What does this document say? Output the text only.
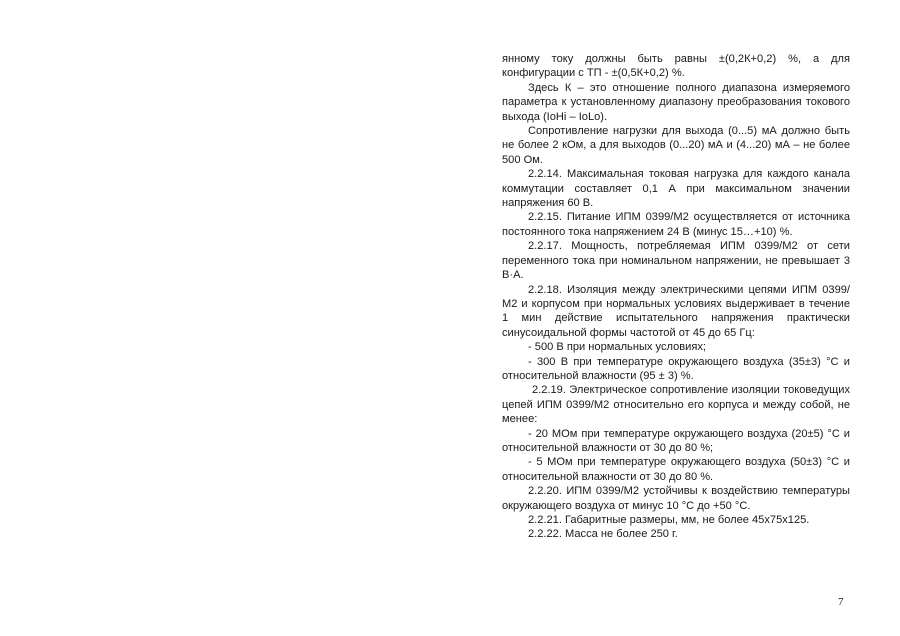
янному току должны быть равны ±(0,2К+0,2) %, а для конфигурации с ТП - ±(0,5К+0,2) %.

Здесь К – это отношение полного диапазона измеряемого параметра к установленному диапазону преобразования токового выхода (IoHi – IoLo).

Сопротивление нагрузки для выхода (0...5) мА должно быть не более 2 кОм, а для выходов (0...20) мА и (4...20) мА – не более 500 Ом.

2.2.14. Максимальная токовая нагрузка для каждого канала коммутации составляет 0,1 А при максимальном значении напряжения 60 В.

2.2.15. Питание ИПМ 0399/М2 осуществляется от источника постоянного тока напряжением 24 В (минус 15…+10) %.

2.2.17. Мощность, потребляемая ИПМ 0399/М2 от сети переменного тока при номинальном напряжении, не превышает 3 В·А.

2.2.18. Изоляция между электрическими цепями ИПМ 0399/М2 и корпусом при нормальных условиях выдерживает в течение 1 мин действие испытательного напряжения практически синусоидальной формы частотой от 45 до 65 Гц:

- 500 В при нормальных условиях;

- 300 В при температуре окружающего воздуха (35±3) °С и относительной влажности (95 ± 3) %.

2.2.19. Электрическое сопротивление изоляции токоведущих цепей ИПМ 0399/М2 относительно его корпуса и между собой, не менее:

- 20 МОм при температуре окружающего воздуха (20±5) °С и относительной влажности от 30 до 80 %;

- 5 МОм при температуре окружающего воздуха (50±3) °С и относительной влажности от 30 до 80 %.

2.2.20. ИПМ 0399/М2 устойчивы к воздействию температуры окружающего воздуха от минус 10 °С до +50 °С.

2.2.21. Габаритные размеры, мм, не более 45х75х125.

2.2.22. Масса не более 250 г.

7
